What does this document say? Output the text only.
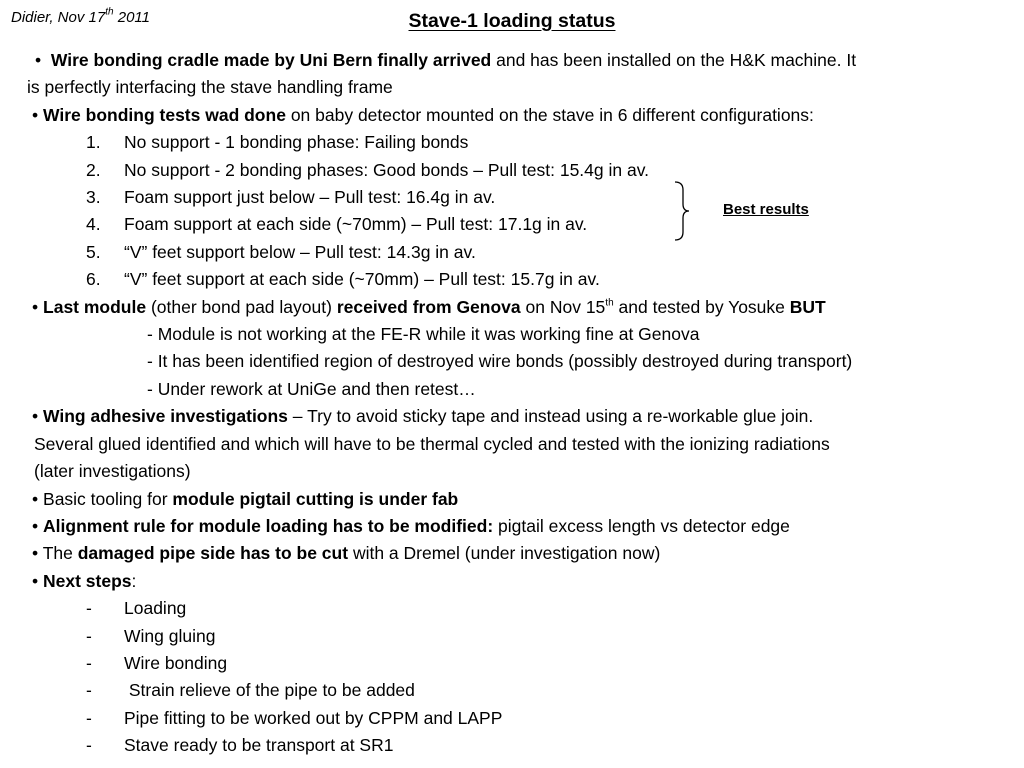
Didier, Nov 17th 2011	Stave-1 loading status
• Wire bonding cradle made by Uni Bern finally arrived and has been installed on the H&K machine. It
is perfectly interfacing the stave handling frame
• Wire bonding tests wad done on baby detector mounted on the stave in 6 different configurations:
1. No support - 1 bonding phase: Failing bonds
2. No support - 2 bonding phases: Good bonds – Pull test: 15.4g in av.
3. Foam support just below – Pull test: 16.4g in av.
4. Foam support at each side (~70mm) – Pull test: 17.1g in av.
5. “V” feet support below – Pull test: 14.3g in av.
6. “V” feet support at each side (~70mm) – Pull test: 15.7g in av.
• Last module (other bond pad layout) received from Genova on Nov 15th and tested by Yosuke BUT
- Module is not working at the FE-R while it was working fine at Genova
- It has been identified region of destroyed wire bonds (possibly destroyed during transport)
- Under rework at UniGe and then retest…
• Wing adhesive investigations – Try to avoid sticky tape and instead using a re-workable glue join.
Several glued identified and which will have to be thermal cycled and tested with the ionizing radiations
(later investigations)
• Basic tooling for module pigtail cutting is under fab
• Alignment rule for module loading has to be modified: pigtail excess length vs detector edge
• The damaged pipe side has to be cut with a Dremel (under investigation now)
• Next steps:
- Loading
- Wing gluing
- Wire bonding
- Strain relieve of the pipe to be added
- Pipe fitting to be worked out by CPPM and LAPP
- Stave ready to be transport at SR1
Best results
